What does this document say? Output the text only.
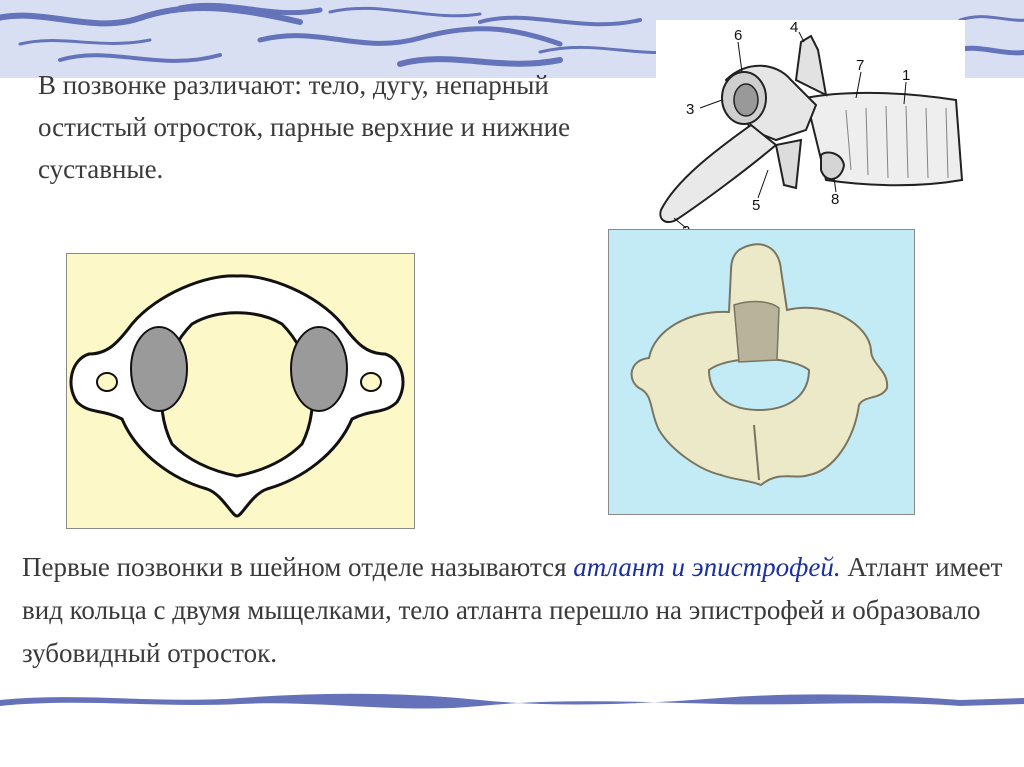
В позвонке различают: тело, дугу, непарный остистый отросток, парные верхние и нижние суставные.

6	4
7
1
3
5	8
Первые позвонки в шейном отделе называются атлант и эпистрофей. Атлант имеет вид кольца с двумя мыщелками, тело атланта перешло на эпистрофей и образовало зубовидный отросток.
